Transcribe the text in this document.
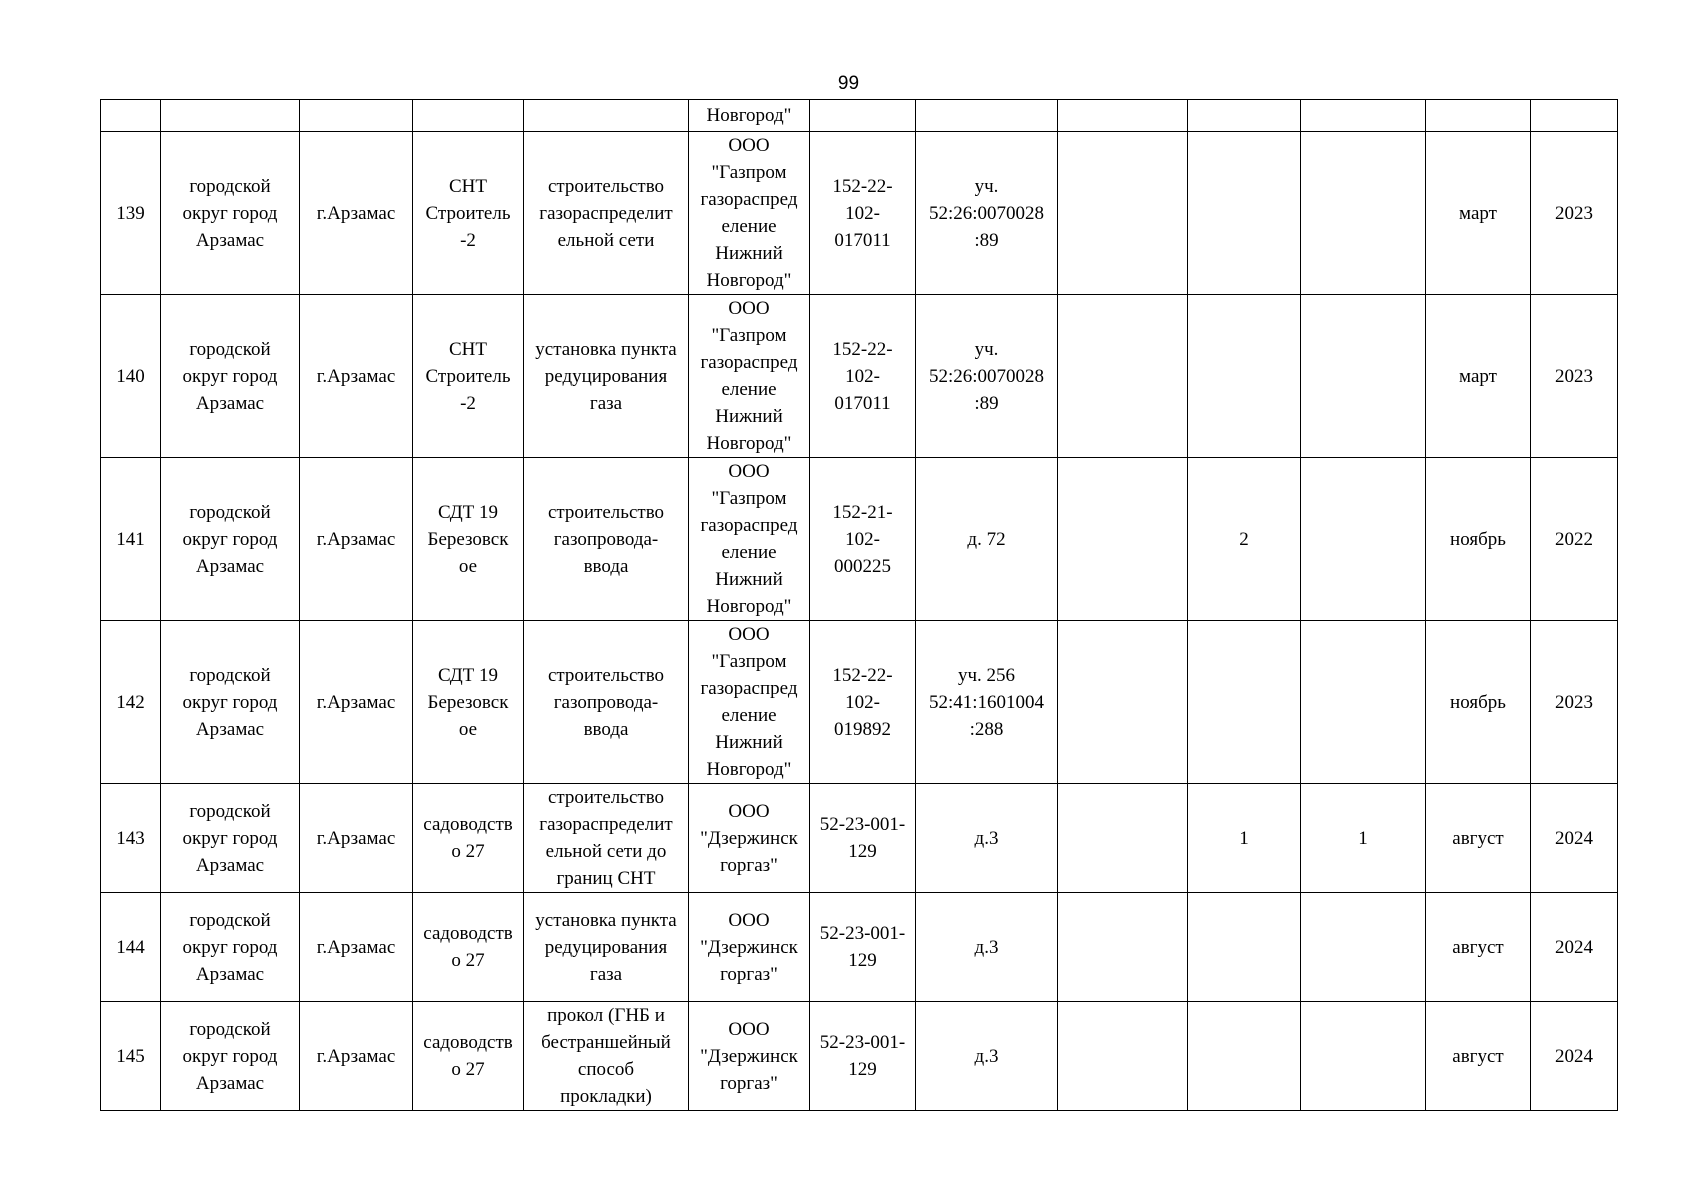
99
					Новгород"							
139	городской округ город Арзамас	г.Арзамас	СНТ Строитель -2	строительство газораспределит ельной сети	ООО "Газпром газораспред еление Нижний Новгород"	152-22- 102- 017011	уч. 52:26:0070028 :89				март	2023
140	городской округ город Арзамас	г.Арзамас	СНТ Строитель -2	установка пункта редуцирования газа	ООО "Газпром газораспред еление Нижний Новгород"	152-22- 102- 017011	уч. 52:26:0070028 :89				март	2023
141	городской округ город Арзамас	г.Арзамас	СДТ 19 Березовск ое	строительство газопровода- ввода	ООО "Газпром газораспред еление Нижний Новгород"	152-21- 102- 000225	д. 72		2		ноябрь	2022
142	городской округ город Арзамас	г.Арзамас	СДТ 19 Березовск ое	строительство газопровода- ввода	ООО "Газпром газораспред еление Нижний Новгород"	152-22- 102- 019892	уч. 256 52:41:1601004 :288				ноябрь	2023
143	городской округ город Арзамас	г.Арзамас	садоводств о 27	строительство газораспределит ельной сети до границ СНТ	ООО "Дзержинск горгаз"	52-23-001- 129	д.3		1	1	август	2024
144	городской округ город Арзамас	г.Арзамас	садоводств о 27	установка пункта редуцирования газа	ООО "Дзержинск горгаз"	52-23-001- 129	д.3				август	2024
145	городской округ город Арзамас	г.Арзамас	садоводств о 27	прокол (ГНБ и бестраншейный способ прокладки)	ООО "Дзержинск горгаз"	52-23-001- 129	д.3				август	2024
